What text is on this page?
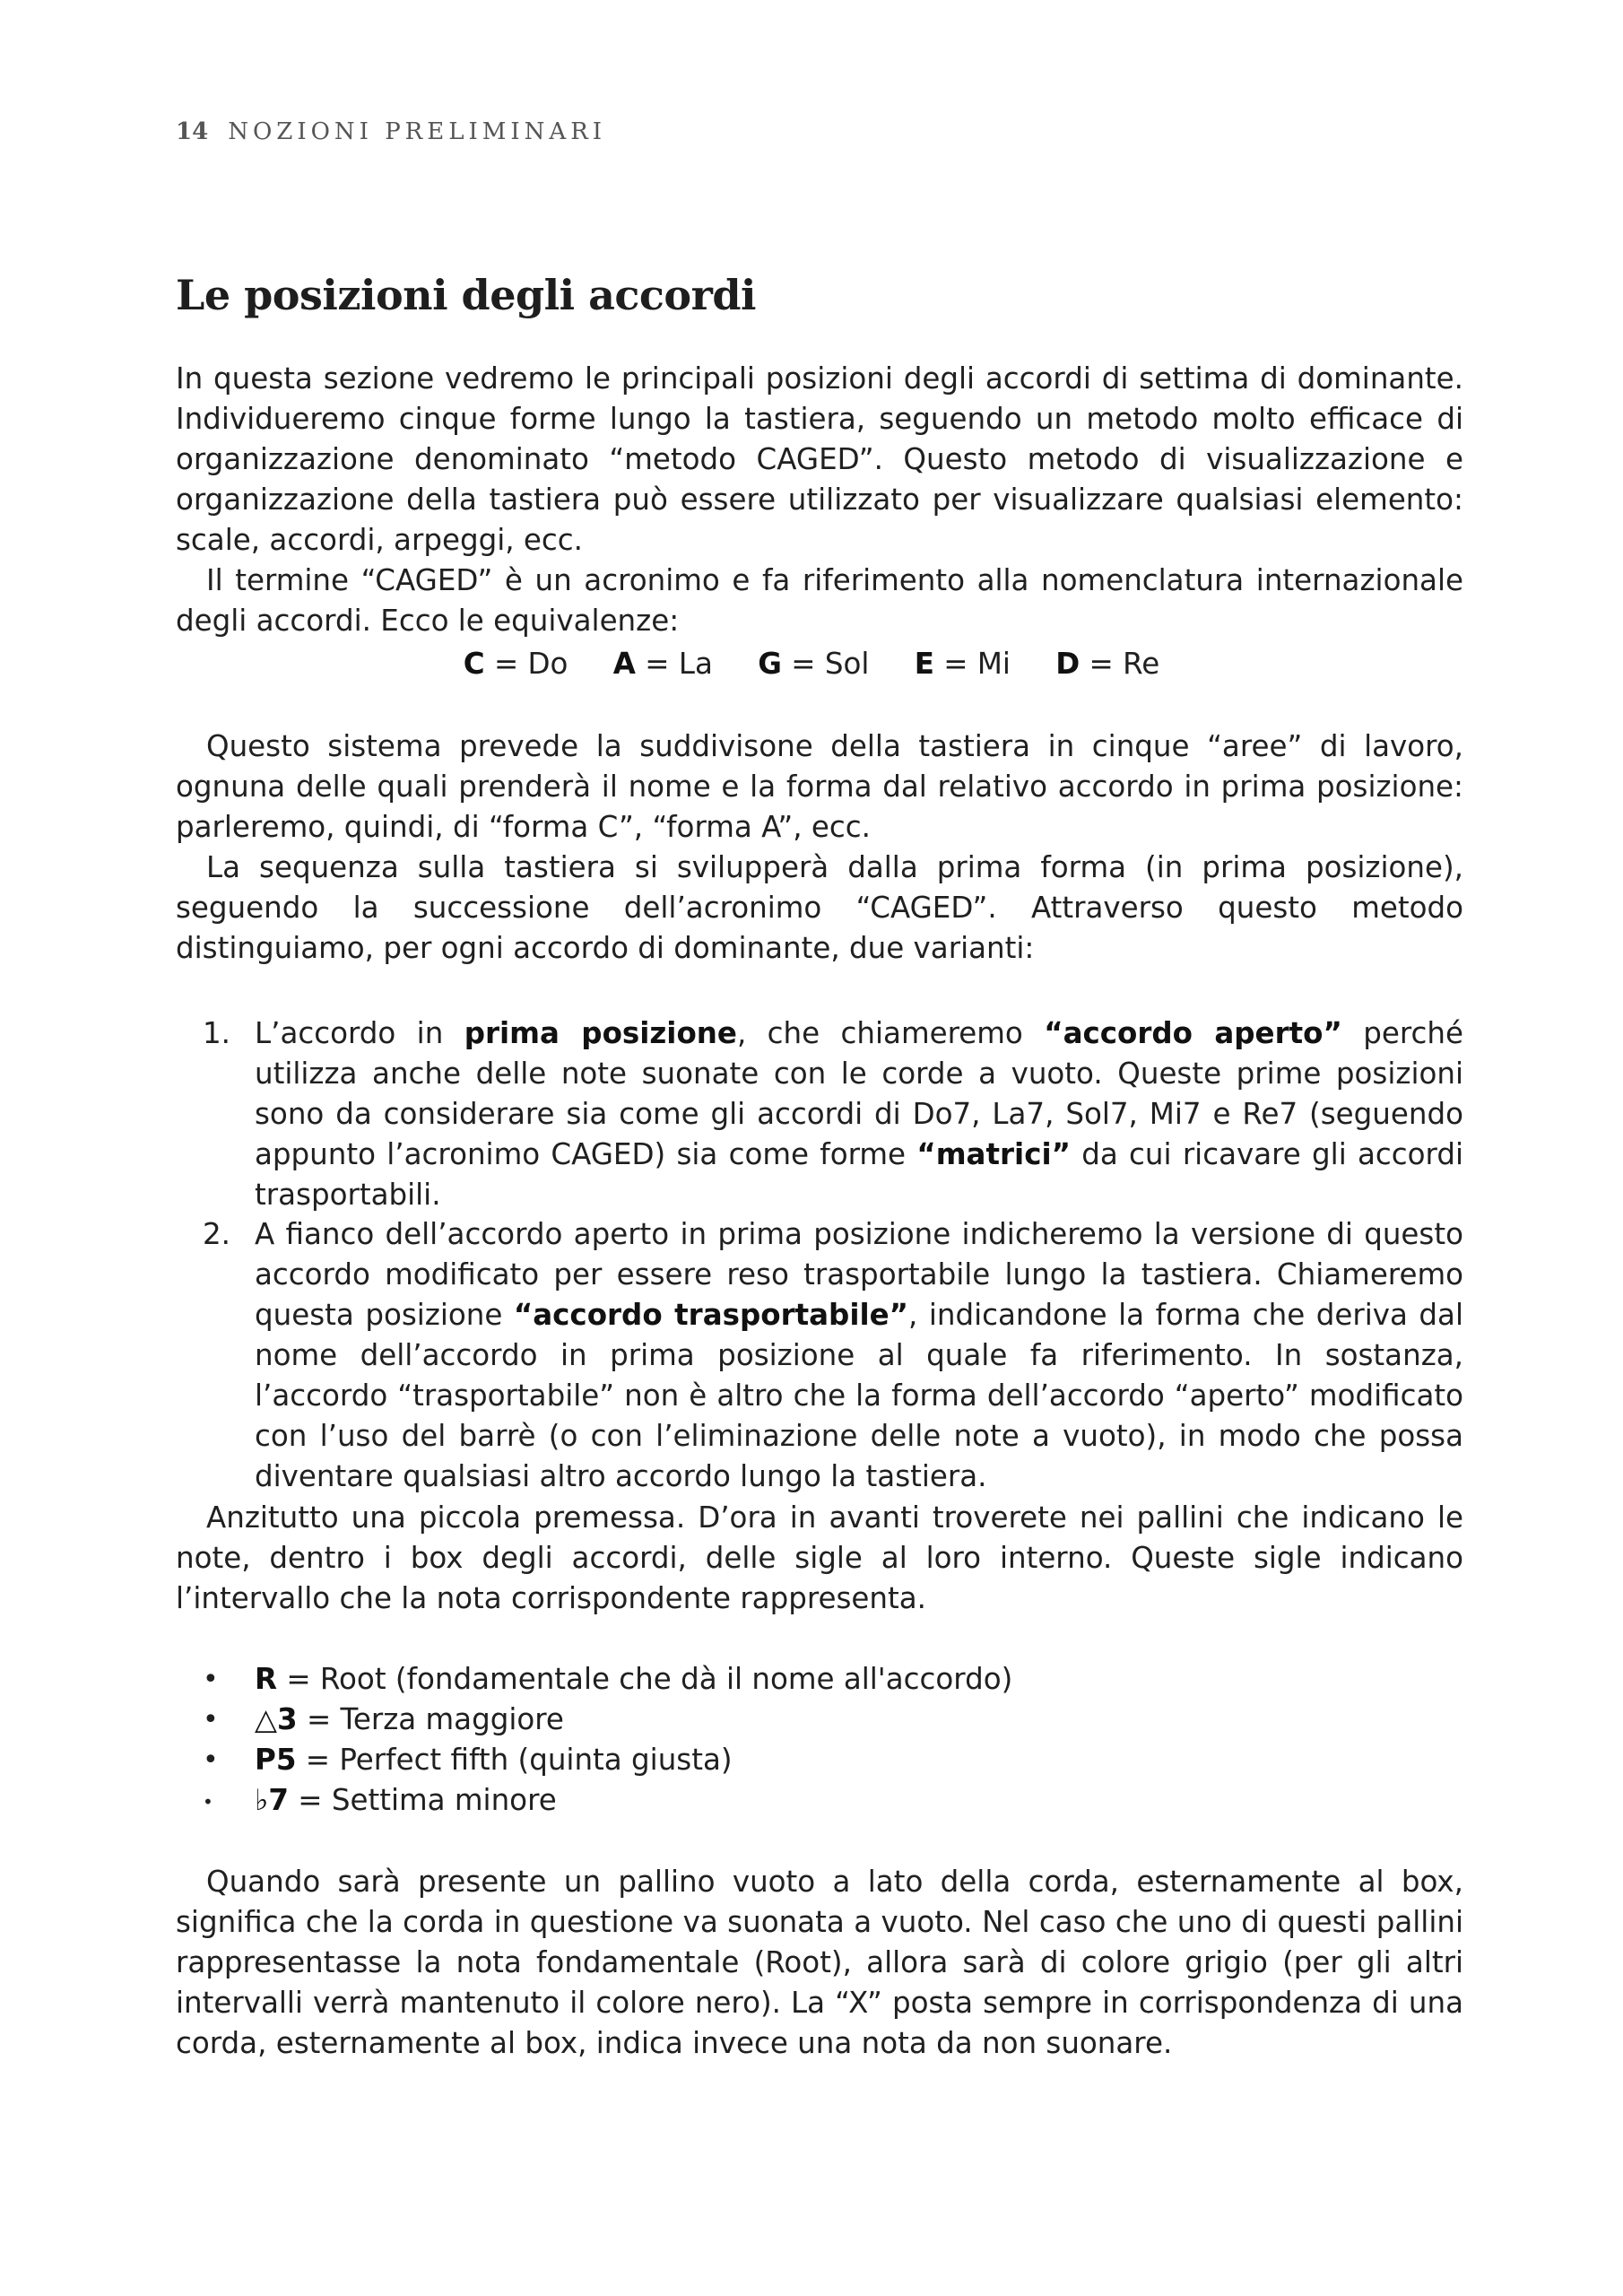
14 NOZIONI PRELIMINARI
Le posizioni degli accordi

In questa sezione vedremo le principali posizioni degli accordi di settima di dominante. Individueremo cinque forme lungo la tastiera, seguendo un metodo molto efficace di organizzazione denominato “metodo CAGED”. Questo metodo di visualizzazione e organizzazione della tastiera può essere utilizzato per visualizzare qualsiasi elemento: scale, accordi, arpeggi, ecc.

Il termine “CAGED” è un acronimo e fa riferimento alla nomenclatura internazionale degli accordi. Ecco le equivalenze:

C = Do A = La G = Sol E = Mi D = Re

Questo sistema prevede la suddivisone della tastiera in cinque “aree” di lavoro, ognuna delle quali prenderà il nome e la forma dal relativo accordo in prima posizione: parleremo, quindi, di “forma C”, “forma A”, ecc.

La sequenza sulla tastiera si svilupperà dalla prima forma (in prima posizione), seguendo la successione dell’acronimo “CAGED”. Attraverso questo metodo distinguiamo, per ogni accordo di dominante, due varianti:

1. L’accordo in prima posizione, che chiameremo “accordo aperto” perché utilizza anche delle note suonate con le corde a vuoto. Queste prime posizioni sono da considerare sia come gli accordi di Do7, La7, Sol7, Mi7 e Re7 (seguendo appunto l’acronimo CAGED) sia come forme “matrici” da cui ricavare gli accordi trasportabili.
2. A fianco dell’accordo aperto in prima posizione indicheremo la versione di questo accordo modificato per essere reso trasportabile lungo la tastiera. Chiameremo questa posizione “accordo trasportabile”, indicandone la forma che deriva dal nome dell’accordo in prima posizione al quale fa riferimento. In sostanza, l’accordo “trasportabile” non è altro che la forma dell’accordo “aperto” modificato con l’uso del barrè (o con l’eliminazione delle note a vuoto), in modo che possa diventare qualsiasi altro accordo lungo la tastiera.

Anzitutto una piccola premessa. D’ora in avanti troverete nei pallini che indicano le note, dentro i box degli accordi, delle sigle al loro interno. Queste sigle indicano l’intervallo che la nota corrispondente rappresenta.

• R = Root (fondamentale che dà il nome all'accordo)
• △3 = Terza maggiore
• P5 = Perfect fifth (quinta giusta)
• ♭7 = Settima minore

Quando sarà presente un pallino vuoto a lato della corda, esternamente al box, significa che la corda in questione va suonata a vuoto. Nel caso che uno di questi pallini rappresentasse la nota fondamentale (Root), allora sarà di colore grigio (per gli altri intervalli verrà mantenuto il colore nero). La “X” posta sempre in corrispondenza di una corda, esternamente al box, indica invece una nota da non suonare.
